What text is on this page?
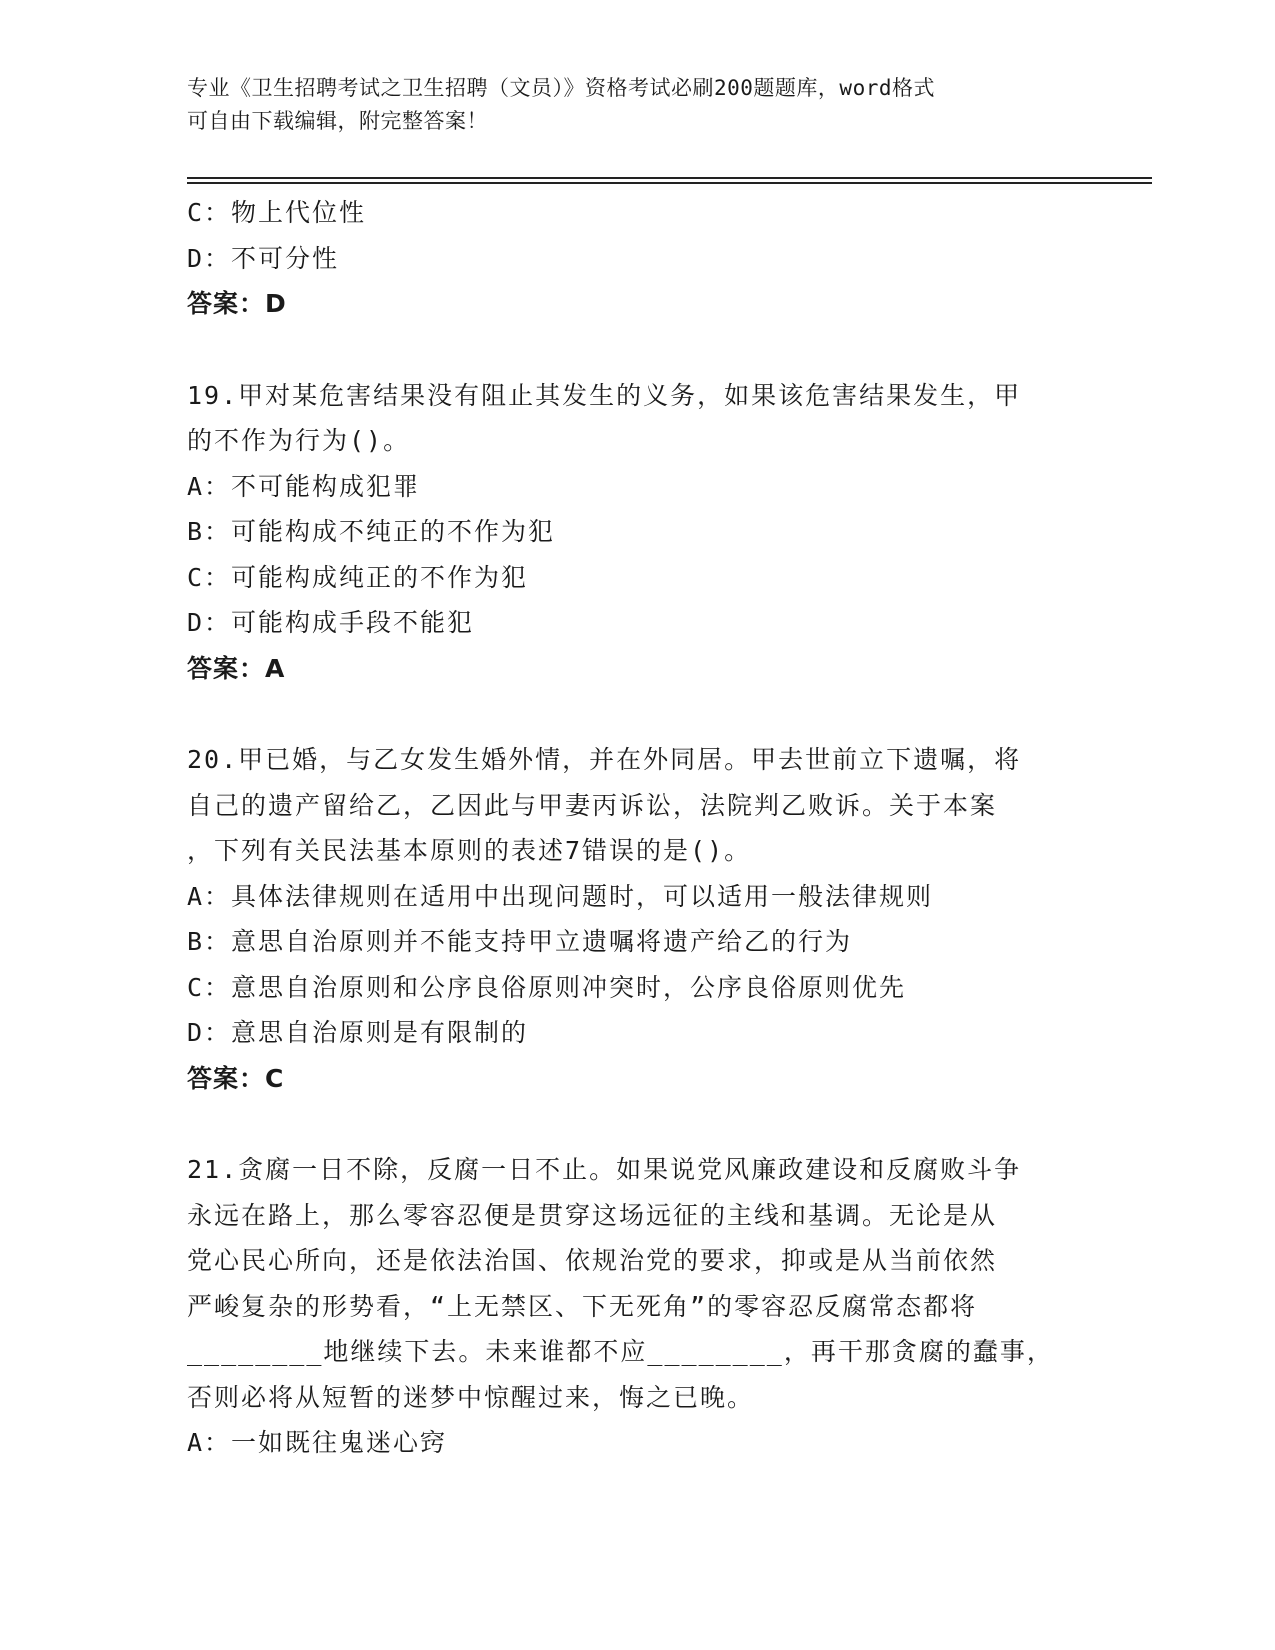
专业《卫生招聘考试之卫生招聘（文员）》资格考试必刷200题题库，word格式
可自由下载编辑，附完整答案！
C：物上代位性
D：不可分性
答案：D
19.甲对某危害结果没有阻止其发生的义务，如果该危害结果发生，甲
的不作为行为()。
A：不可能构成犯罪
B：可能构成不纯正的不作为犯
C：可能构成纯正的不作为犯
D：可能构成手段不能犯
答案：A
20.甲已婚，与乙女发生婚外情，并在外同居。甲去世前立下遗嘱，将
自己的遗产留给乙，乙因此与甲妻丙诉讼，法院判乙败诉。关于本案
，下列有关民法基本原则的表述7错误的是()。
A：具体法律规则在适用中出现问题时，可以适用一般法律规则
B：意思自治原则并不能支持甲立遗嘱将遗产给乙的行为
C：意思自治原则和公序良俗原则冲突时，公序良俗原则优先
D：意思自治原则是有限制的
答案：C
21.贪腐一日不除，反腐一日不止。如果说党风廉政建设和反腐败斗争
永远在路上，那么零容忍便是贯穿这场远征的主线和基调。无论是从
党心民心所向，还是依法治国、依规治党的要求，抑或是从当前依然
严峻复杂的形势看，“上无禁区、下无死角”的零容忍反腐常态都将
________地继续下去。未来谁都不应________，再干那贪腐的蠢事，
否则必将从短暂的迷梦中惊醒过来，悔之已晚。
A：一如既往鬼迷心窍
